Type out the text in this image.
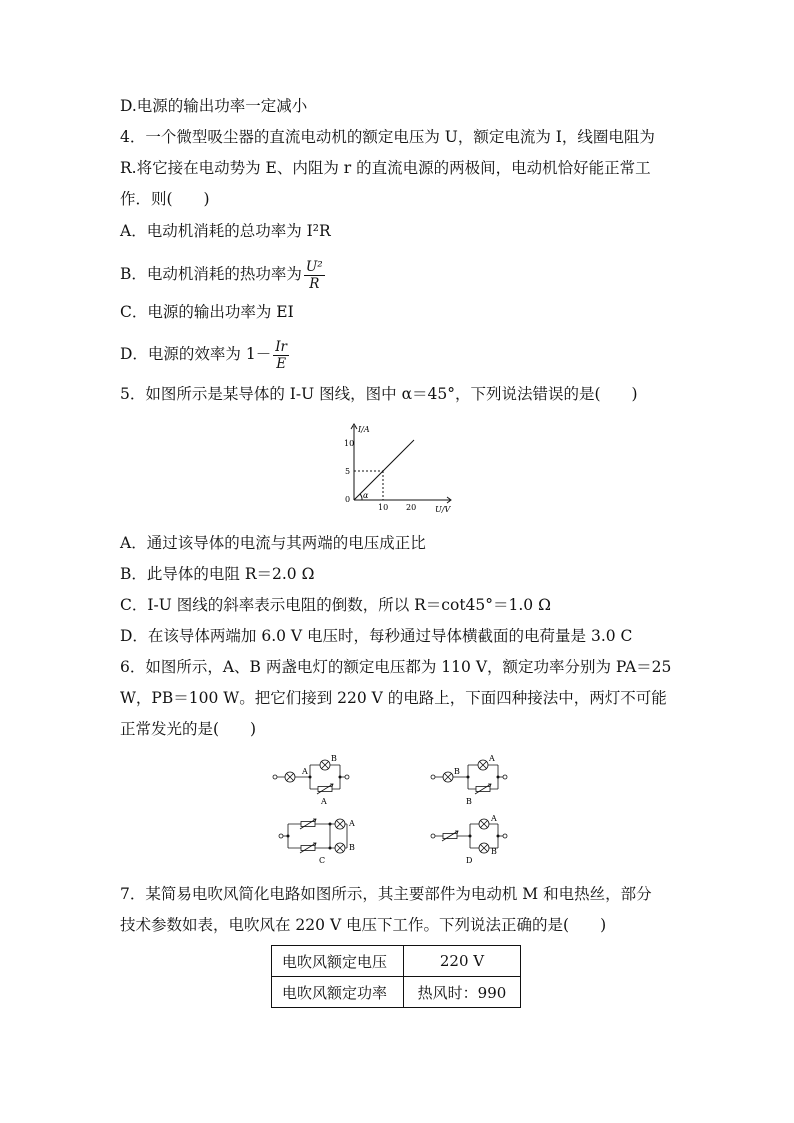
D.电源的输出功率一定减小
4．一个微型吸尘器的直流电动机的额定电压为 U，额定电流为 I，线圈电阻为
R.将它接在电动势为 E、内阻为 r 的直流电源的两极间，电动机恰好能正常工
作．则(　　)
A．电动机消耗的总功率为 I²R
B．电动机消耗的热功率为 $\frac{\text{U²}}{R}$
C．电源的输出功率为 EI
D．电源的效率为 $1- \frac{Ir}{E}$
5．如图所示是某导体的 I-U 图线，图中 α＝45°，下列说法错误的是(　　)
I/A
10
5
0 α
10 20 U/V
A．通过该导体的电流与其两端的电压成正比
B．此导体的电阻 R＝2.0 Ω
C．I-U 图线的斜率表示电阻的倒数，所以 R＝cot45°＝1.0 Ω
D．在该导体两端加 6.0 V 电压时，每秒通过导体横截面的电荷量是 3.0 C
6．如图所示，A、B 两盏电灯的额定电压都为 110 V，额定功率分别为 PA＝25
W，PB＝100 W。把它们接到 220 V 的电路上，下面四种接法中，两灯不可能
正常发光的是(　　)
A
B
B
A
A
B
A
B
A	B
C	D
7．某简易电吹风简化电路如图所示，其主要部件为电动机 M 和电热丝，部分
技术参数如表，电吹风在 220 V 电压下工作。下列说法正确的是(　　)
电吹风额定电压	220 V
电吹风额定功率	热风时：990
